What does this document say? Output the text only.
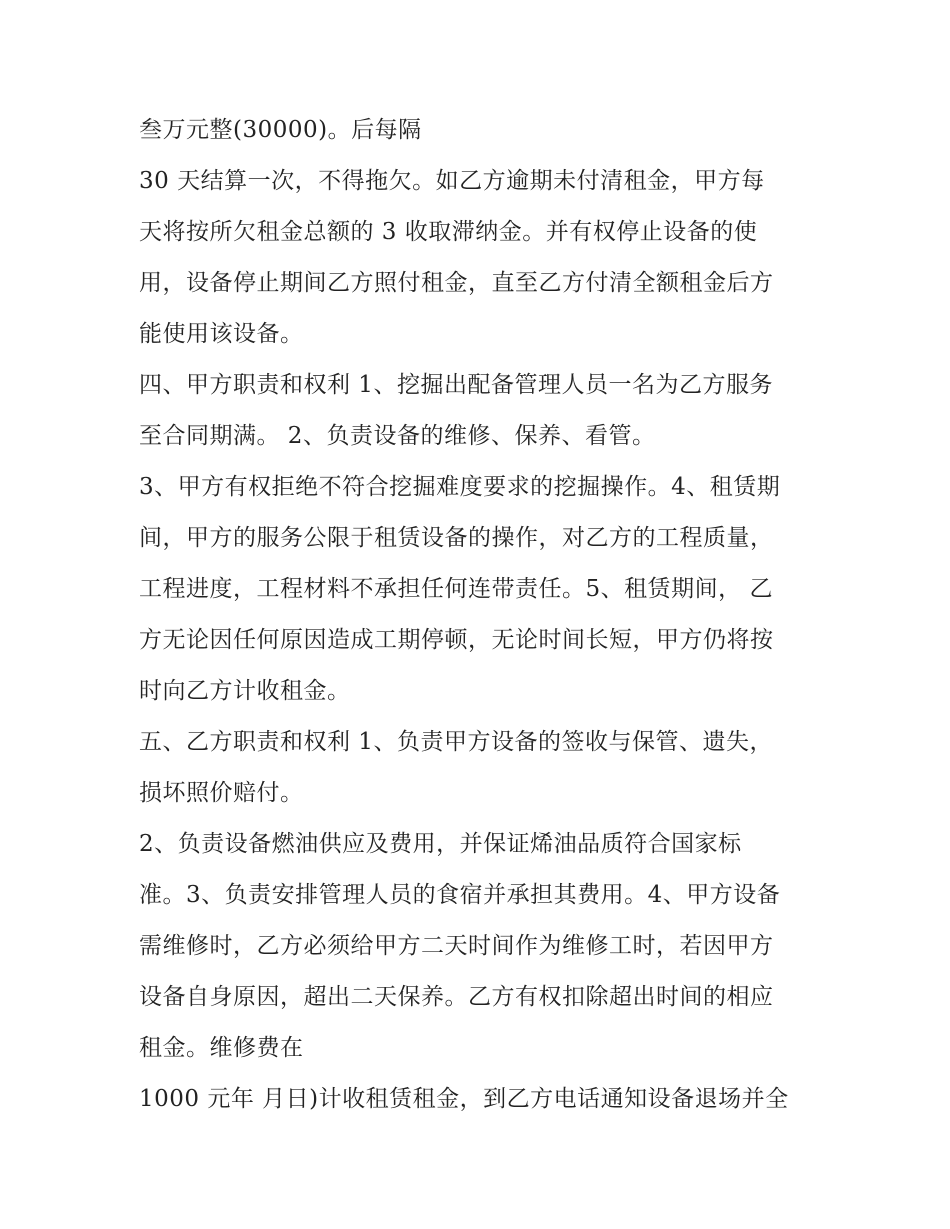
叁万元整(30000)。后每隔
30 天结算一次，不得拖欠。如乙方逾期未付清租金，甲方每
天将按所欠租金总额的 3 收取滞纳金。并有权停止设备的使
用，设备停止期间乙方照付租金，直至乙方付清全额租金后方
能使用该设备。
四、甲方职责和权利 1、挖掘出配备管理人员一名为乙方服务
至合同期满。 2、负责设备的维修、保养、看管。
3、甲方有权拒绝不符合挖掘难度要求的挖掘操作。4、租赁期
间，甲方的服务公限于租赁设备的操作，对乙方的工程质量，
工程进度，工程材料不承担任何连带责任。5、租赁期间， 乙
方无论因任何原因造成工期停顿，无论时间长短，甲方仍将按
时向乙方计收租金。
五、乙方职责和权利 1、负责甲方设备的签收与保管、遗失，
损坏照价赔付。
2、负责设备燃油供应及费用，并保证烯油品质符合国家标
准。3、负责安排管理人员的食宿并承担其费用。4、甲方设备
需维修时，乙方必须给甲方二天时间作为维修工时，若因甲方
设备自身原因，超出二天保养。乙方有权扣除超出时间的相应
租金。维修费在
1000 元年 月日)计收租赁租金，到乙方电话通知设备退场并全
